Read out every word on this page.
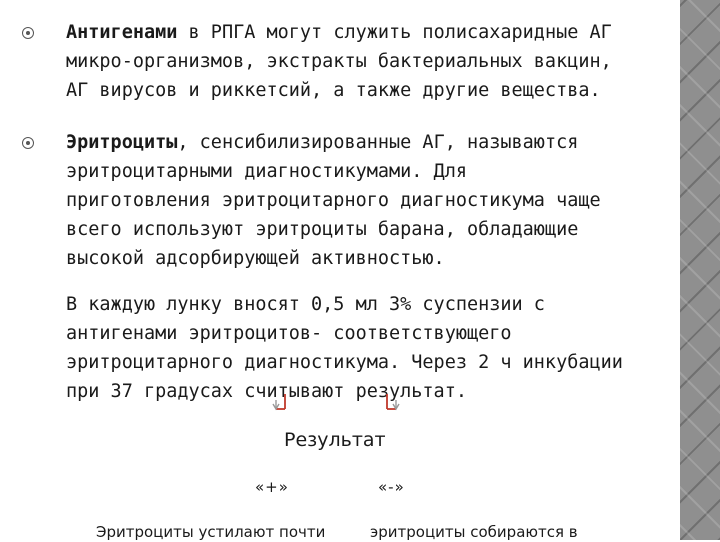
Антигенами в РПГА могут служить полисахаридные АГ
микро-организмов, экстракты бактериальных вакцин,
АГ вирусов и риккетсий, а также другие вещества.
Эритроциты, сенсибилизированные АГ, называются
эритроцитарными диагностикумами. Для
приготовления эритроцитарного диагностикума чаще
всего используют эритроциты барана, обладающие
высокой адсорбирующей активностью.
В каждую лунку вносят 0,5 мл 3% суспензии с
антигенами эритроцитов- соответствующего
эритроцитарного диагностикума. Через 2 ч инкубации
при 37 градусах считывают результат.
Результат
«+»	«-»
Эритроциты устилают почти	эритроциты собираются в
